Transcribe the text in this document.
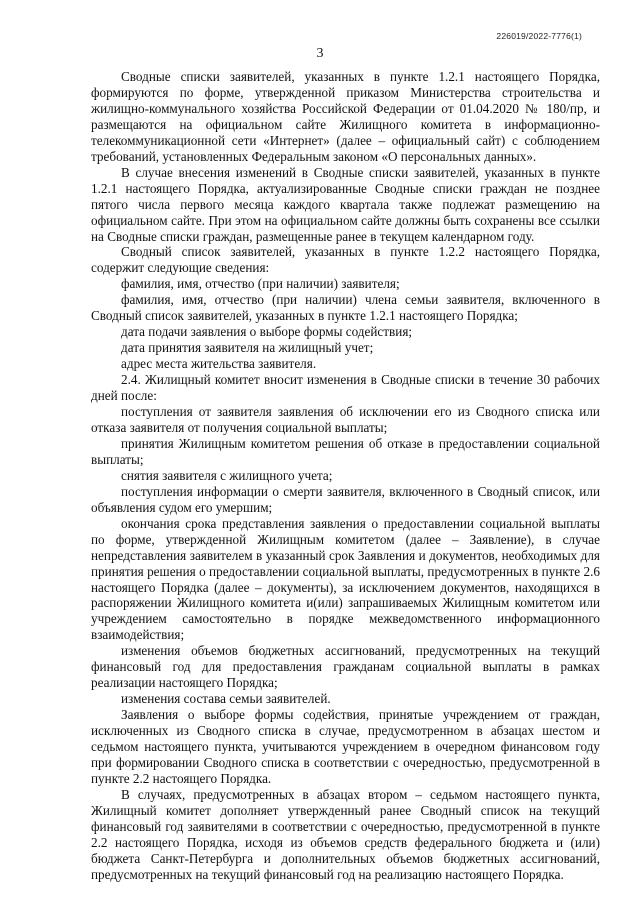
226019/2022-7776(1)
3

Сводные списки заявителей, указанных в пункте 1.2.1 настоящего Порядка, формируются по форме, утвержденной приказом Министерства строительства и жилищно-коммунального хозяйства Российской Федерации от 01.04.2020 № 180/пр, и размещаются на официальном сайте Жилищного комитета в информационно-телекоммуникационной сети «Интернет» (далее – официальный сайт) с соблюдением требований, установленных Федеральным законом «О персональных данных».

В случае внесения изменений в Сводные списки заявителей, указанных в пункте 1.2.1 настоящего Порядка, актуализированные Сводные списки граждан не позднее пятого числа первого месяца каждого квартала также подлежат размещению на официальном сайте. При этом на официальном сайте должны быть сохранены все ссылки на Сводные списки граждан, размещенные ранее в текущем календарном году.

Сводный список заявителей, указанных в пункте 1.2.2 настоящего Порядка, содержит следующие сведения:

фамилия, имя, отчество (при наличии) заявителя;

фамилия, имя, отчество (при наличии) члена семьи заявителя, включенного в Сводный список заявителей, указанных в пункте 1.2.1 настоящего Порядка;

дата подачи заявления о выборе формы содействия;

дата принятия заявителя на жилищный учет;

адрес места жительства заявителя.

2.4. Жилищный комитет вносит изменения в Сводные списки в течение 30 рабочих дней после:

поступления от заявителя заявления об исключении его из Сводного списка или отказа заявителя от получения социальной выплаты;

принятия Жилищным комитетом решения об отказе в предоставлении социальной выплаты;

снятия заявителя с жилищного учета;

поступления информации о смерти заявителя, включенного в Сводный список, или объявления судом его умершим;

окончания срока представления заявления о предоставлении социальной выплаты по форме, утвержденной Жилищным комитетом (далее – Заявление), в случае непредставления заявителем в указанный срок Заявления и документов, необходимых для принятия решения о предоставлении социальной выплаты, предусмотренных в пункте 2.6 настоящего Порядка (далее – документы), за исключением документов, находящихся в распоряжении Жилищного комитета и(или) запрашиваемых Жилищным комитетом или учреждением самостоятельно в порядке межведомственного информационного взаимодействия;

изменения объемов бюджетных ассигнований, предусмотренных на текущий финансовый год для предоставления гражданам социальной выплаты в рамках реализации настоящего Порядка;

изменения состава семьи заявителей.

Заявления о выборе формы содействия, принятые учреждением от граждан, исключенных из Сводного списка в случае, предусмотренном в абзацах шестом и седьмом настоящего пункта, учитываются учреждением в очередном финансовом году при формировании Сводного списка в соответствии с очередностью, предусмотренной в пункте 2.2 настоящего Порядка.

В случаях, предусмотренных в абзацах втором – седьмом настоящего пункта, Жилищный комитет дополняет утвержденный ранее Сводный список на текущий финансовый год заявителями в соответствии с очередностью, предусмотренной в пункте 2.2 настоящего Порядка, исходя из объемов средств федерального бюджета и (или) бюджета Санкт-Петербурга и дополнительных объемов бюджетных ассигнований, предусмотренных на текущий финансовый год на реализацию настоящего Порядка.
